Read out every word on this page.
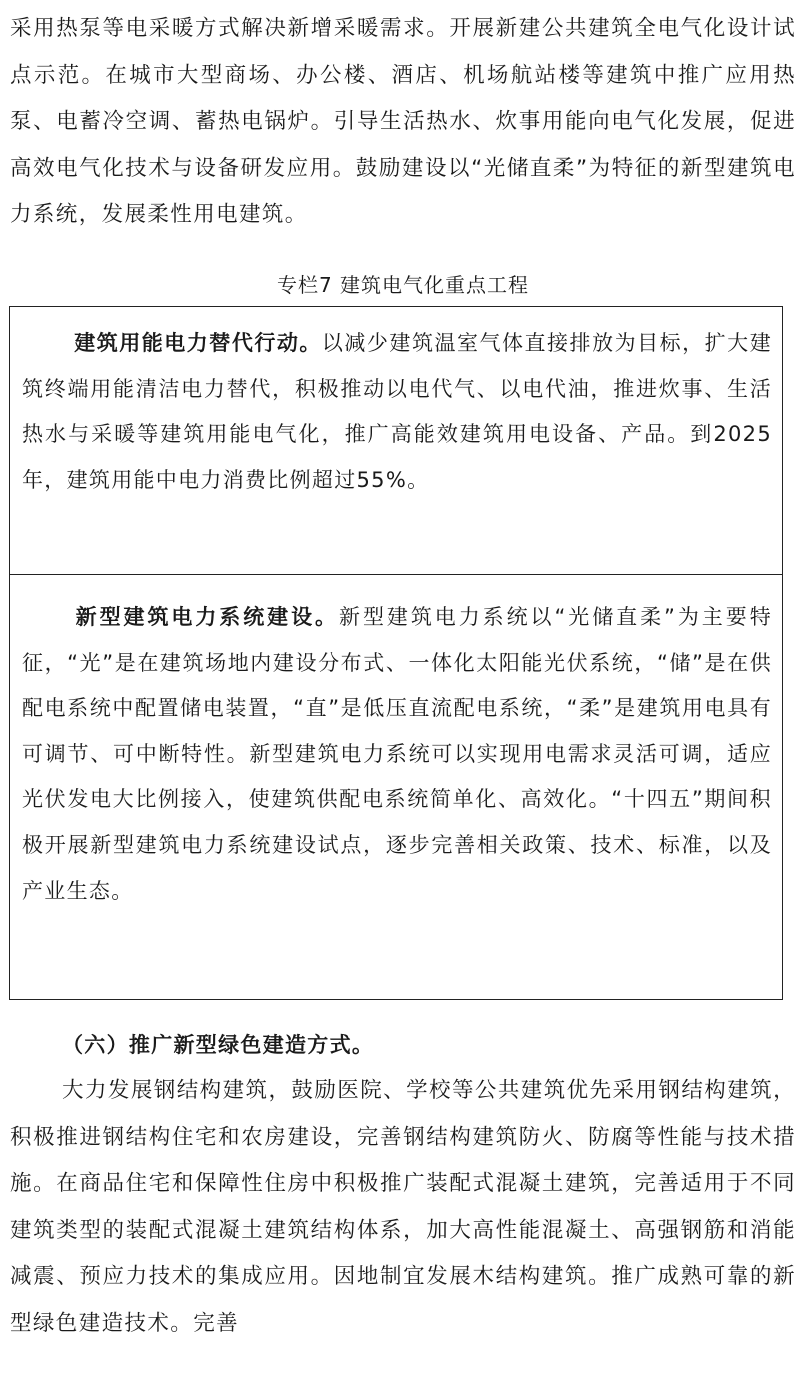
采用热泵等电采暖方式解决新增采暖需求。开展新建公共建筑全电气化设计试点示范。在城市大型商场、办公楼、酒店、机场航站楼等建筑中推广应用热泵、电蓄冷空调、蓄热电锅炉。引导生活热水、炊事用能向电气化发展，促进高效电气化技术与设备研发应用。鼓励建设以“光储直柔”为特征的新型建筑电力系统，发展柔性用电建筑。

专栏7 建筑电气化重点工程

建筑用能电力替代行动。以减少建筑温室气体直接排放为目标，扩大建筑终端用能清洁电力替代，积极推动以电代气、以电代油，推进炊事、生活热水与采暖等建筑用能电气化，推广高能效建筑用电设备、产品。到2025年，建筑用能中电力消费比例超过55%。

新型建筑电力系统建设。新型建筑电力系统以“光储直柔”为主要特征，“光”是在建筑场地内建设分布式、一体化太阳能光伏系统，“储”是在供配电系统中配置储电装置，“直”是低压直流配电系统，“柔”是建筑用电具有可调节、可中断特性。新型建筑电力系统可以实现用电需求灵活可调，适应光伏发电大比例接入，使建筑供配电系统简单化、高效化。“十四五”期间积极开展新型建筑电力系统建设试点，逐步完善相关政策、技术、标准，以及产业生态。

（六）推广新型绿色建造方式。

大力发展钢结构建筑，鼓励医院、学校等公共建筑优先采用钢结构建筑，积极推进钢结构住宅和农房建设，完善钢结构建筑防火、防腐等性能与技术措施。在商品住宅和保障性住房中积极推广装配式混凝土建筑，完善适用于不同建筑类型的装配式混凝土建筑结构体系，加大高性能混凝土、高强钢筋和消能减震、预应力技术的集成应用。因地制宜发展木结构建筑。推广成熟可靠的新型绿色建造技术。完善
